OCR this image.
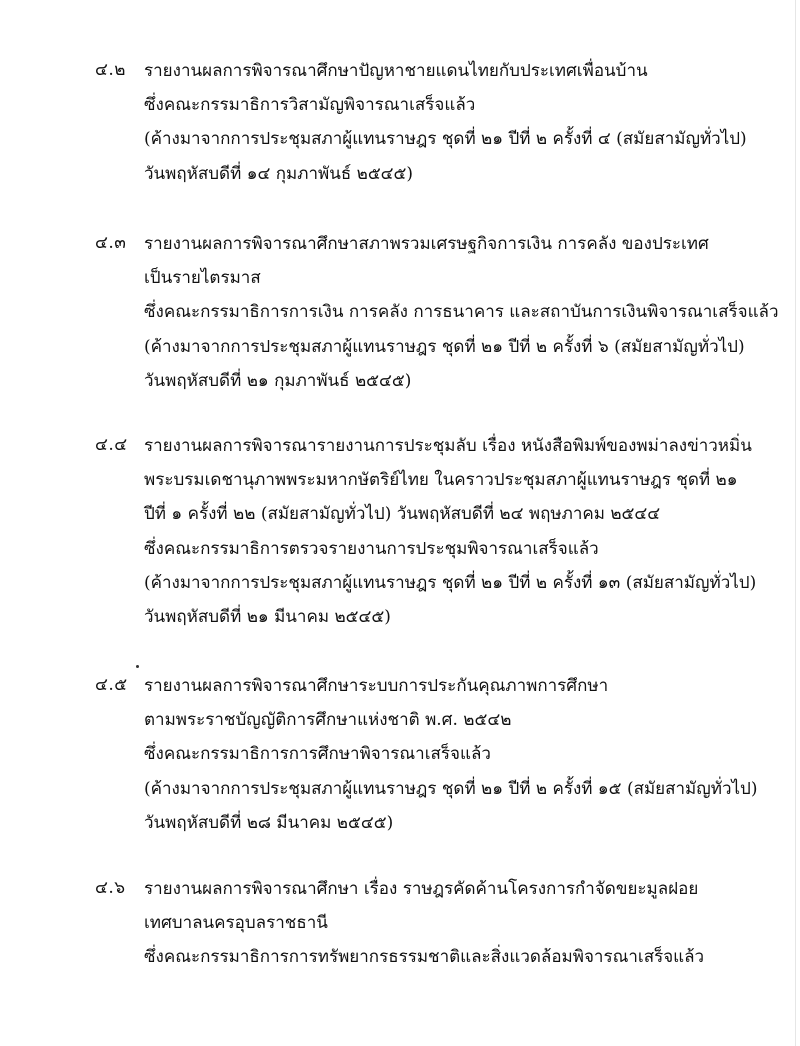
๔.๒ รายงานผลการพิจารณาศึกษาปัญหาชายแดนไทยกับประเทศเพื่อนบ้าน
ซึ่งคณะกรรมาธิการวิสามัญพิจารณาเสร็จแล้ว
(ค้างมาจากการประชุมสภาผู้แทนราษฎร ชุดที่ ๒๑ ปีที่ ๒ ครั้งที่ ๔ (สมัยสามัญทั่วไป)
วันพฤหัสบดีที่ ๑๔ กุมภาพันธ์ ๒๕๔๕)
๔.๓ รายงานผลการพิจารณาศึกษาสภาพรวมเศรษฐกิจการเงิน การคลัง ของประเทศ
เป็นรายไตรมาส
ซึ่งคณะกรรมาธิการการเงิน การคลัง การธนาคาร และสถาบันการเงินพิจารณาเสร็จแล้ว
(ค้างมาจากการประชุมสภาผู้แทนราษฎร ชุดที่ ๒๑ ปีที่ ๒ ครั้งที่ ๖ (สมัยสามัญทั่วไป)
วันพฤหัสบดีที่ ๒๑ กุมภาพันธ์ ๒๕๔๕)
๔.๔ รายงานผลการพิจารณารายงานการประชุมลับ เรื่อง หนังสือพิมพ์ของพม่าลงข่าวหมิ่น
พระบรมเดชานุภาพพระมหากษัตริย์ไทย ในคราวประชุมสภาผู้แทนราษฎร ชุดที่ ๒๑
ปีที่ ๑ ครั้งที่ ๒๒ (สมัยสามัญทั่วไป) วันพฤหัสบดีที่ ๒๔ พฤษภาคม ๒๕๔๔
ซึ่งคณะกรรมาธิการตรวจรายงานการประชุมพิจารณาเสร็จแล้ว
(ค้างมาจากการประชุมสภาผู้แทนราษฎร ชุดที่ ๒๑ ปีที่ ๒ ครั้งที่ ๑๓ (สมัยสามัญทั่วไป)
วันพฤหัสบดีที่ ๒๑ มีนาคม ๒๕๔๕)
๔.๕ รายงานผลการพิจารณาศึกษาระบบการประกันคุณภาพการศึกษา
ตามพระราชบัญญัติการศึกษาแห่งชาติ พ.ศ. ๒๕๔๒
ซึ่งคณะกรรมาธิการการศึกษาพิจารณาเสร็จแล้ว
(ค้างมาจากการประชุมสภาผู้แทนราษฎร ชุดที่ ๒๑ ปีที่ ๒ ครั้งที่ ๑๕ (สมัยสามัญทั่วไป)
วันพฤหัสบดีที่ ๒๘ มีนาคม ๒๕๔๕)
๔.๖ รายงานผลการพิจารณาศึกษา เรื่อง ราษฎรคัดค้านโครงการกำจัดขยะมูลฝอย
เทศบาลนครอุบลราชธานี
ซึ่งคณะกรรมาธิการการทรัพยากรธรรมชาติและสิ่งแวดล้อมพิจารณาเสร็จแล้ว
